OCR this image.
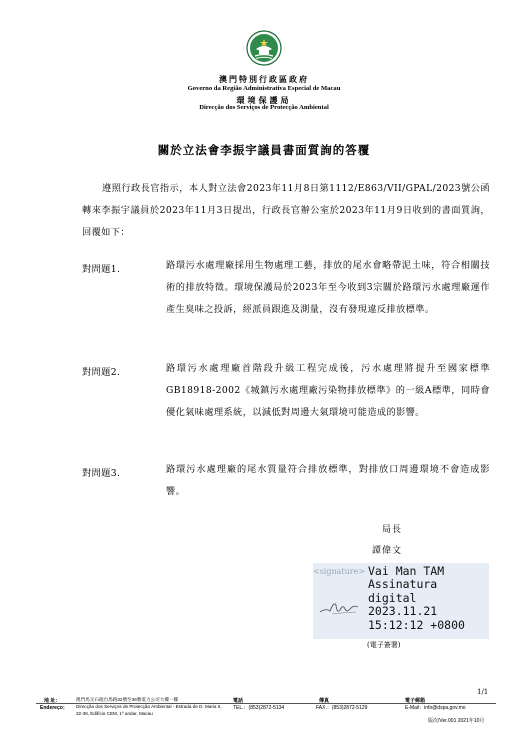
澳門特別行政區政府
Governo da Região Administrativa Especial de Macau
環境保護局
Direcção dos Serviços de Protecção Ambiental
關於立法會李振宇議員書面質詢的答覆
遵照行政長官指示，本人對立法會2023年11月8日第1112/E863/VII/GPAL/2023號公函轉來李振宇議員於2023年11月3日提出，行政長官辦公室於2023年11月9日收到的書面質詢，回覆如下：
對問題1.	路環污水處理廠採用生物處理工藝，排放的尾水會略帶泥土味，符合相關技術的排放特徵。環境保護局於2023年至今收到3宗關於路環污水處理廠運作產生臭味之投訴，經派員跟進及測量，沒有發現違反排放標準。
對問題2.	路環污水處理廠首階段升級工程完成後，污水處理將提升至國家標準GB18918-2002《城鎮污水處理廠污染物排放標準》的一級A標準，同時會優化氣味處理系統，以減低對周邊大氣環境可能造成的影響。
對問題3.	路環污水處理廠的尾水質量符合排放標準，對排放口周邊環境不會造成影響。
局長
譚偉文
<signature> Vai Man TAM
Assinatura
digital
2023.11.21
15:12:12 +0800
(電子簽署)
1/1
地 址：
Endereço：
澳門馬交石砲台馬路32號至36號電力公司大樓一樓
Direcção dos Serviços de Protecção Ambiental - Estrada de D. Maria II,
32-36, Edifício CEM, 1º andar, Macau
電話
TEL.：(853)2872-5134
傳真
FAX.：(853)2872-5129
電子郵箱
E-Mail：info@dspa.gov.mo
版次/Ver.001 2021年10月
